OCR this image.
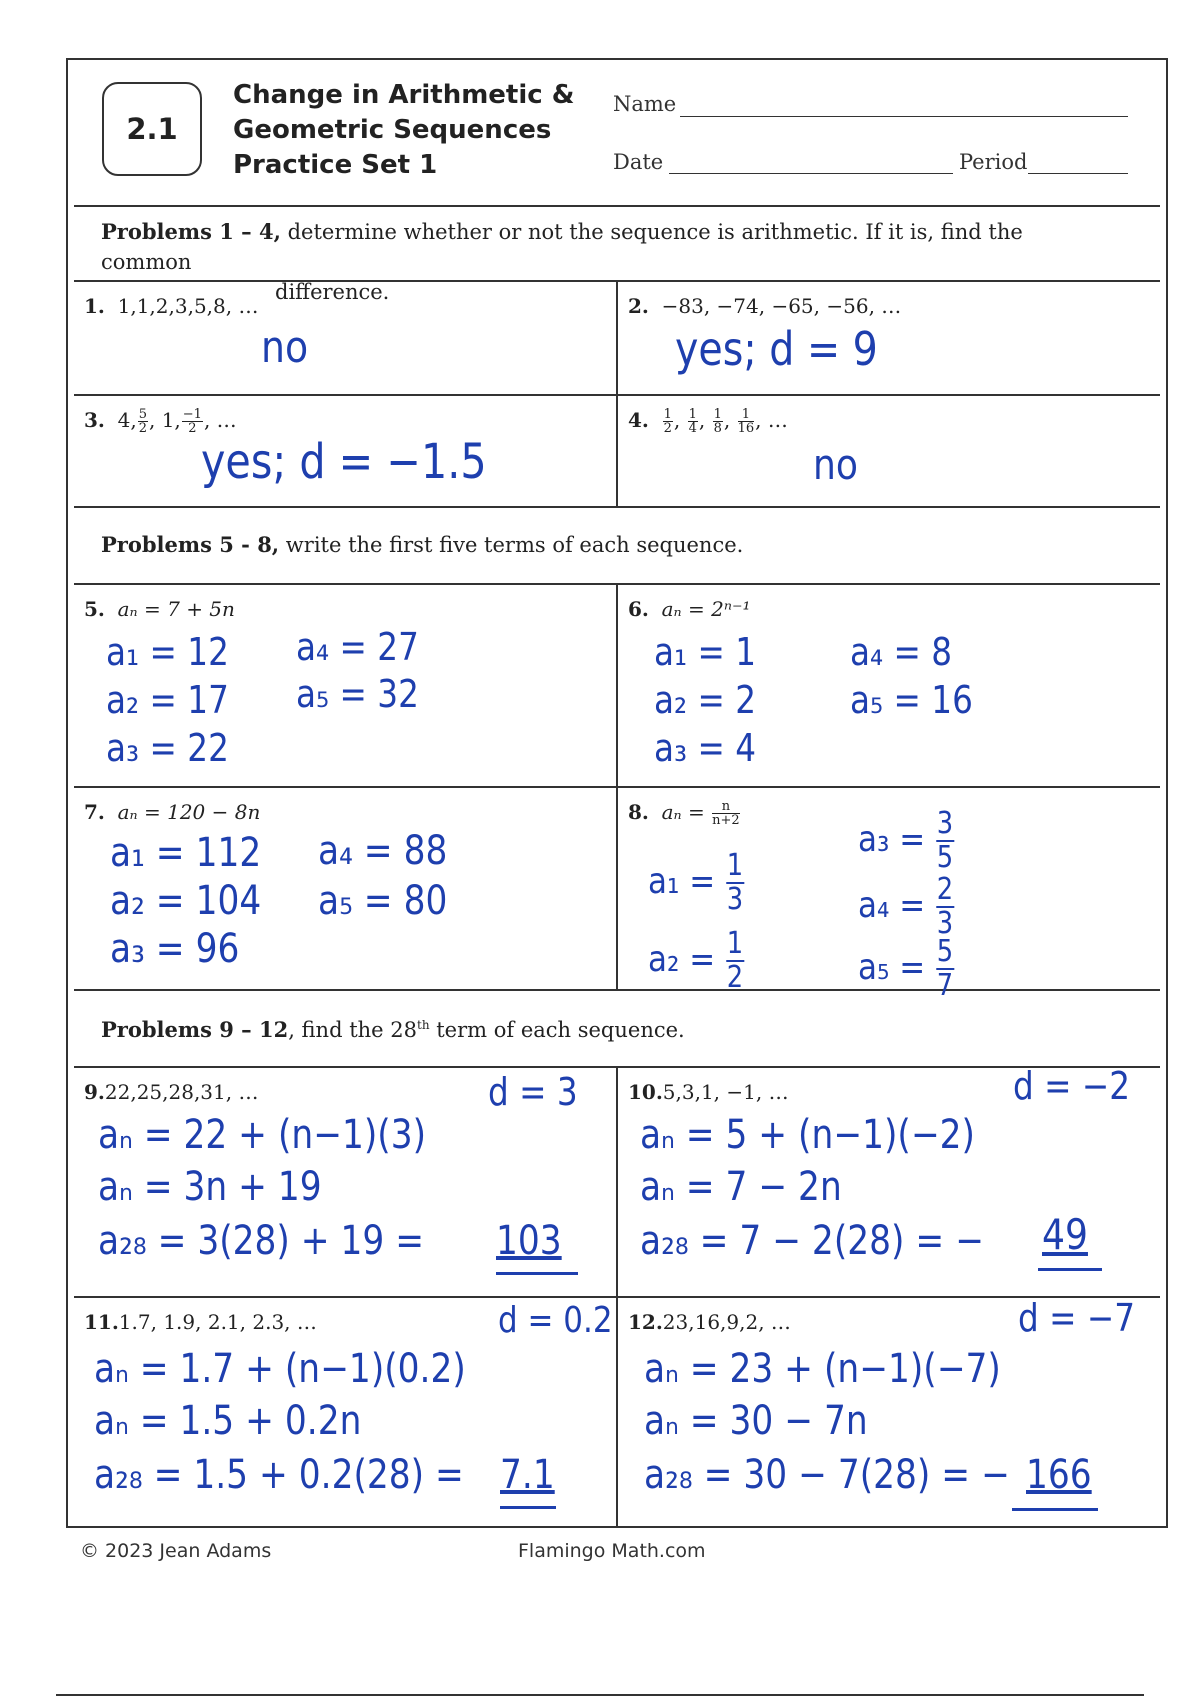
2.1
Change in Arithmetic &
Geometric Sequences
Practice Set 1
Name
Date	Period
Problems 1 – 4, determine whether or not the sequence is arithmetic. If it is, find the common
difference.
Problems 5 - 8, write the first five terms of each sequence.
Problems 9 – 12, find the 28th term of each sequence.
1. 1,1,2,3,5,8, …
no
2. −83, −74, −65, −56, …
yes; d = 9
3. 4, $\frac{5}{2}$ , 1, $\frac{-1}{2}$ , …
yes; d = −1.5
4. $\frac{1}{2}$ , $\frac{1}{4}$ , $\frac{1}{8}$ , $\frac{1}{16}$ , …
no
5. aₙ = 7 + 5n
a₁ = 12
a₂ = 17
a₃ = 22
a₄ = 27
a₅ = 32
6. aₙ = 2ⁿ⁻¹
a₁ = 1
a₂ = 2
a₃ = 4
a₄ = 8
a₅ = 16
7. aₙ = 120 − 8n
a₁ = 112
a₂ = 104
a₃ = 96
a₄ = 88
a₅ = 80
8. $a_n = \frac{n}{n+2}$
$a_1 = \frac{1}{3}$
$a_2 = \frac{1}{2}$
$a_3 = \frac{3}{5}$
$a_4 = \frac{2}{3}$
$a_5 = \frac{5}{7}$
9.22,25,28,31, …	d = 3
aₙ = 22 + (n−1)(3)
aₙ = 3n + 19
a₂₈ = 3(28) + 19 = 103
10.5,3,1, −1, …	d = −2
aₙ = 5 + (n−1)(−2)
aₙ = 7 − 2n
a₂₈ = 7 − 2(28) = − 49
11.1.7, 1.9, 2.1, 2.3, …	d = 0.2
aₙ = 1.7 + (n−1)(0.2)
aₙ = 1.5 + 0.2n
a₂₈ = 1.5 + 0.2(28) = 7.1
12.23,16,9,2, …	d = −7
aₙ = 23 + (n−1)(−7)
aₙ = 30 − 7n
a₂₈ = 30 − 7(28) = − 166
© 2023 Jean Adams	Flamingo Math.com
